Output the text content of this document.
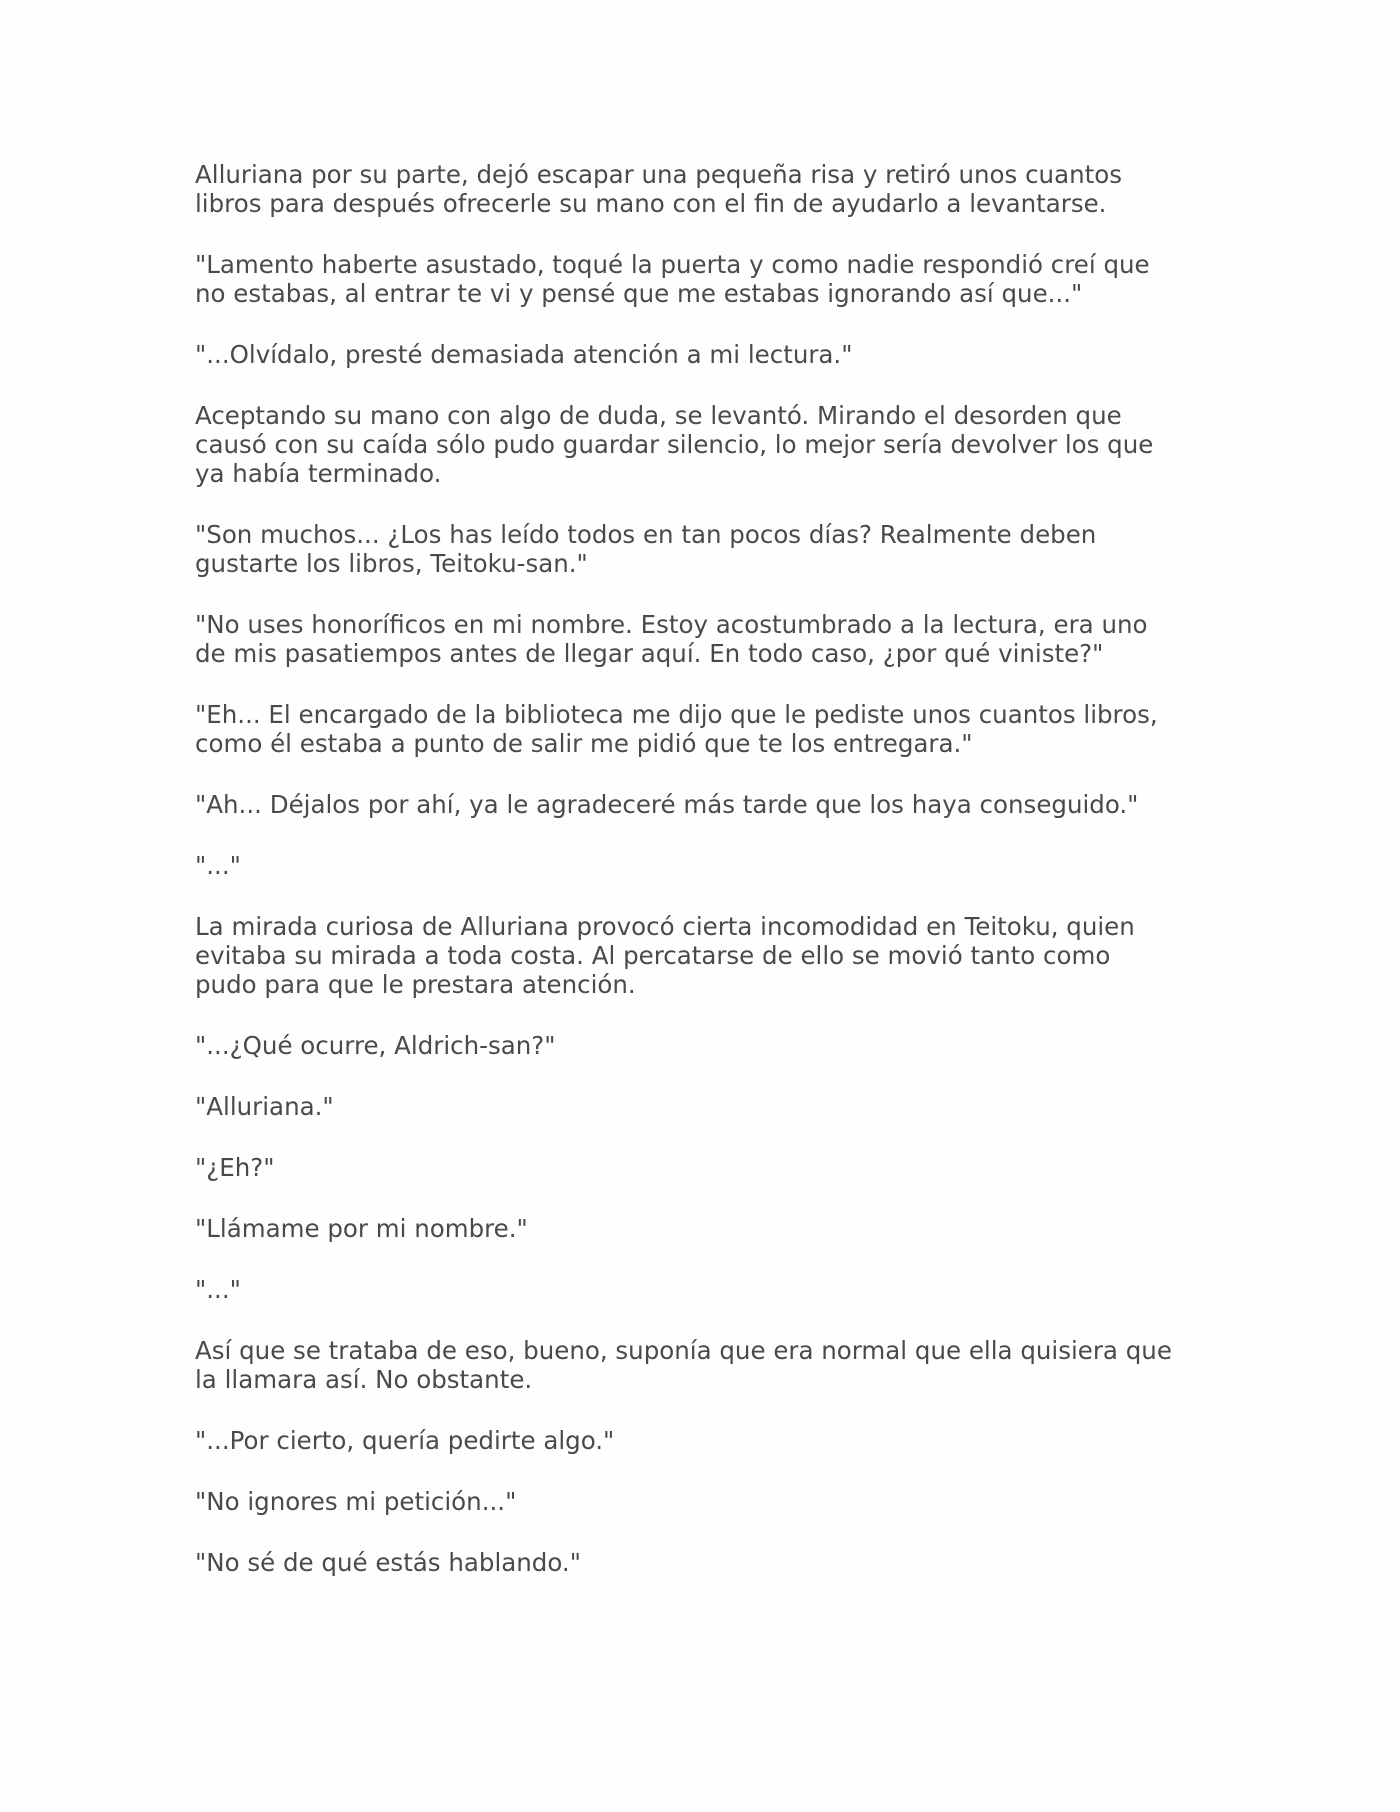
Alluriana por su parte, dejó escapar una pequeña risa y retiró unos cuantos
libros para después ofrecerle su mano con el fin de ayudarlo a levantarse.

"Lamento haberte asustado, toqué la puerta y como nadie respondió creí que
no estabas, al entrar te vi y pensé que me estabas ignorando así que..."

"...Olvídalo, presté demasiada atención a mi lectura."

Aceptando su mano con algo de duda, se levantó. Mirando el desorden que
causó con su caída sólo pudo guardar silencio, lo mejor sería devolver los que
ya había terminado.

"Son muchos... ¿Los has leído todos en tan pocos días? Realmente deben
gustarte los libros, Teitoku-san."

"No uses honoríficos en mi nombre. Estoy acostumbrado a la lectura, era uno
de mis pasatiempos antes de llegar aquí. En todo caso, ¿por qué viniste?"

"Eh... El encargado de la biblioteca me dijo que le pediste unos cuantos libros,
como él estaba a punto de salir me pidió que te los entregara."

"Ah... Déjalos por ahí, ya le agradeceré más tarde que los haya conseguido."

"..."

La mirada curiosa de Alluriana provocó cierta incomodidad en Teitoku, quien
evitaba su mirada a toda costa. Al percatarse de ello se movió tanto como
pudo para que le prestara atención.

"...¿Qué ocurre, Aldrich-san?"

"Alluriana."

"¿Eh?"

"Llámame por mi nombre."

"..."

Así que se trataba de eso, bueno, suponía que era normal que ella quisiera que
la llamara así. No obstante.

"...Por cierto, quería pedirte algo."

"No ignores mi petición..."

"No sé de qué estás hablando."
